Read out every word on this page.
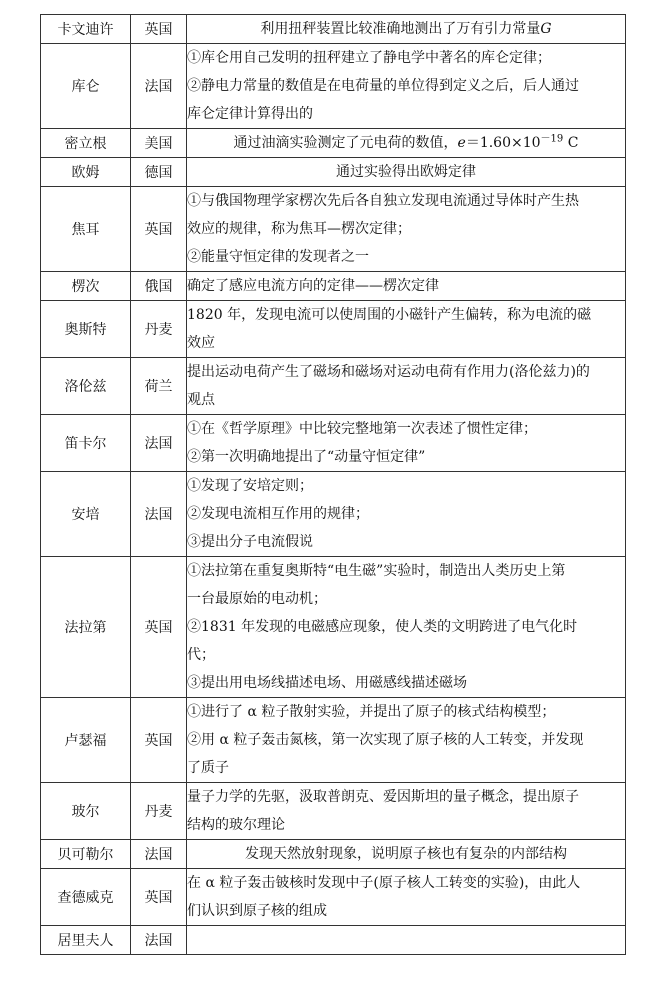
卡文迪许	英国	利用扭秤装置比较准确地测出了万有引力常量G

库仑	法国	①库仑用自己发明的扭秤建立了静电学中著名的库仑定律；
②静电力常量的数值是在电荷量的单位得到定义之后，后人通过
库仑定律计算得出的

密立根	美国	通过油滴实验测定了元电荷的数值，$e=1.60\times 10^{-19}$ C

欧姆	德国	通过实验得出欧姆定律

焦耳	英国	①与俄国物理学家楞次先后各自独立发现电流通过导体时产生热
效应的规律，称为焦耳—楞次定律；
②能量守恒定律的发现者之一

楞次	俄国	确定了感应电流方向的定律——楞次定律

奥斯特	丹麦	1820 年，发现电流可以使周围的小磁针产生偏转，称为电流的磁
效应

洛伦兹	荷兰	提出运动电荷产生了磁场和磁场对运动电荷有作用力(洛伦兹力)的
观点

笛卡尔	法国	①在《哲学原理》中比较完整地第一次表述了惯性定律；
②第一次明确地提出了“动量守恒定律”

安培	法国	①发现了安培定则；
②发现电流相互作用的规律；
③提出分子电流假说

法拉第	英国	①法拉第在重复奥斯特“电生磁”实验时，制造出人类历史上第
一台最原始的电动机；
②1831 年发现的电磁感应现象，使人类的文明跨进了电气化时
代；
③提出用电场线描述电场、用磁感线描述磁场

卢瑟福	英国	①进行了 α 粒子散射实验，并提出了原子的核式结构模型；
②用 α 粒子轰击氮核，第一次实现了原子核的人工转变，并发现
了质子

玻尔	丹麦	量子力学的先驱，汲取普朗克、爱因斯坦的量子概念，提出原子
结构的玻尔理论

贝可勒尔	法国	发现天然放射现象，说明原子核也有复杂的内部结构

查德威克	英国	在 α 粒子轰击铍核时发现中子(原子核人工转变的实验)，由此人
们认识到原子核的组成

居里夫人	法国	
